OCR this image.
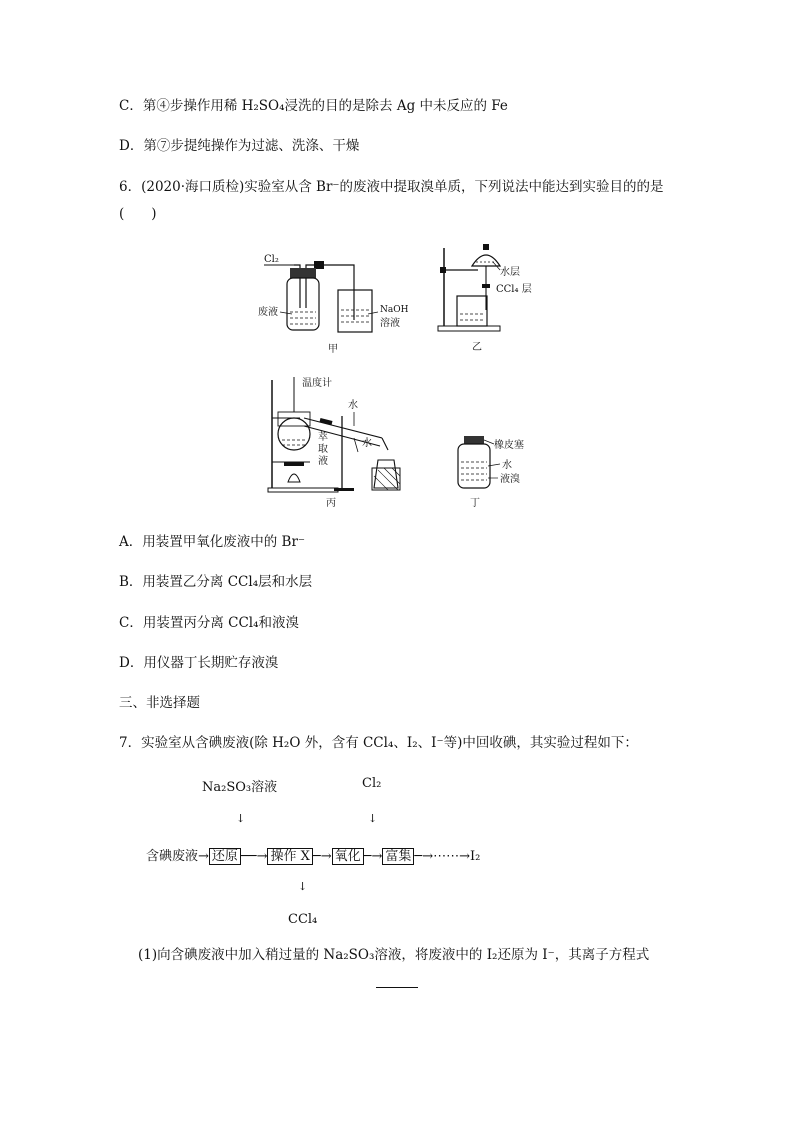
C．第④步操作用稀 H₂SO₄浸洗的目的是除去 Ag 中未反应的 Fe
D．第⑦步提纯操作为过滤、洗涤、干燥
6．(2020·海口质检)实验室从含 Br⁻的废液中提取溴单质，下列说法中能达到实验目的的是
(　　)
Cl₂
废液	NaOH
溶液
甲
水层
CCl₄ 层
乙
温度计
水
水
萃
取
液
丙
橡皮塞
水
液溴
丁
A．用装置甲氧化废液中的 Br⁻
B．用装置乙分离 CCl₄层和水层
C．用装置丙分离 CCl₄和液溴
D．用仪器丁长期贮存液溴
三、非选择题
7．实验室从含碘废液(除 H₂O 外，含有 CCl₄、I₂、I⁻等)中回收碘，其实验过程如下：
Na₂SO₃溶液	Cl₂
↓	↓
含碘废液→ 还原 ──→ 操作 X ─→ 氧化 ─→ 富集 ─→⋯⋯→I₂
↓
CCl₄
(1)向含碘废液中加入稍过量的 Na₂SO₃溶液，将废液中的 I₂还原为 I⁻，其离子方程式
